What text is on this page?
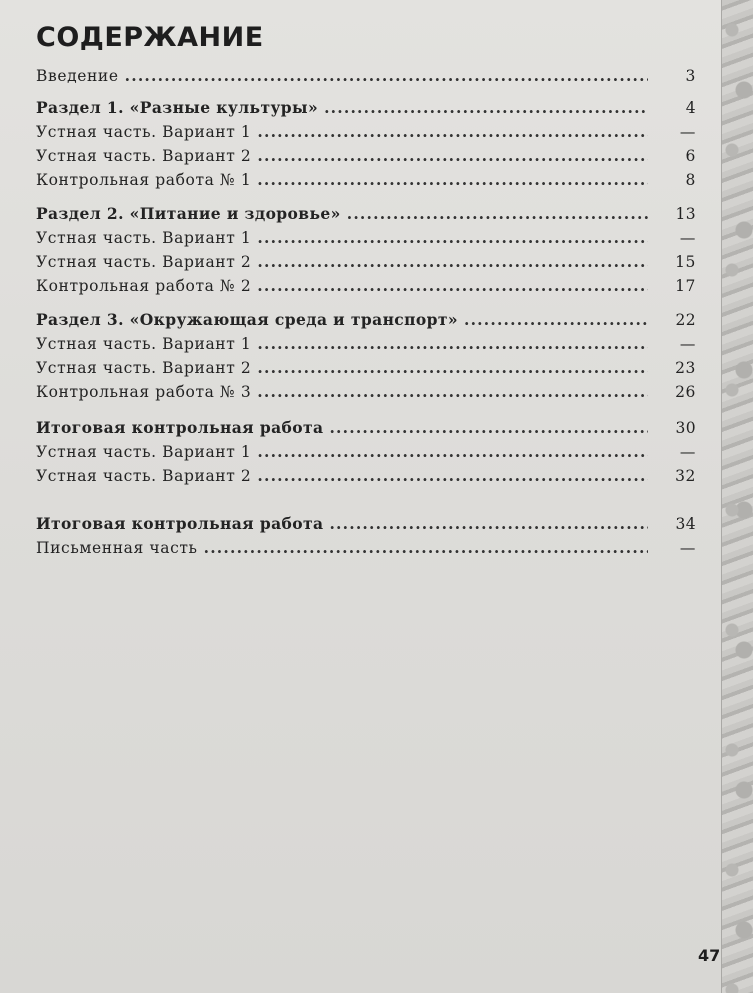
СОДЕРЖАНИЕ
Введение .....	3
Раздел 1. «Разные культуры» .....	4
Устная часть. Вариант 1 .....	—
Устная часть. Вариант 2 .....	6
Контрольная работа № 1 .....	8
Раздел 2. «Питание и здоровье» .....	13
Устная часть. Вариант 1 .....	—
Устная часть. Вариант 2 .....	15
Контрольная работа № 2 .....	17
Раздел 3. «Окружающая среда и транспорт» .....	22
Устная часть. Вариант 1 .....	—
Устная часть. Вариант 2 .....	23
Контрольная работа № 3 .....	26
Итоговая контрольная работа .....	30
Устная часть. Вариант 1 .....	—
Устная часть. Вариант 2 .....	32
Итоговая контрольная работа .....	34
Письменная часть .....	—
47
